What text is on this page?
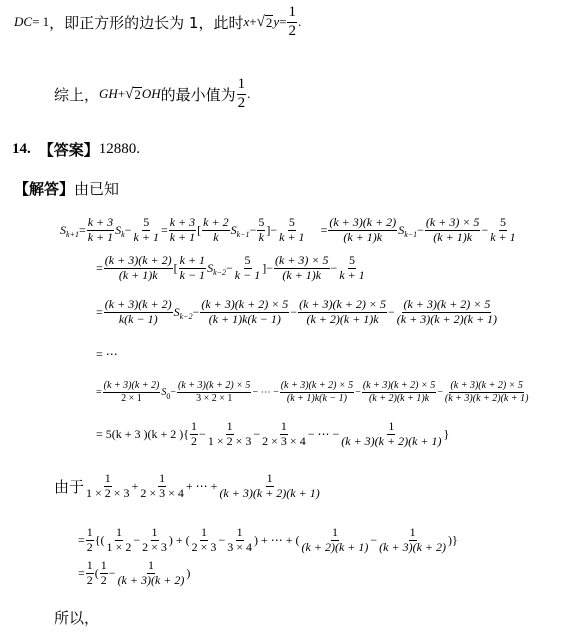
DC = 1 ，即正方形的边长为 1，此时 x + √ 2 $y = \frac{1}{2}$ .
综上， GH + √ 2 OH 的最小值为 $\frac{1}{2}$ .
14. 【答案】 12880.
【解答】 由已知
S $k+1 = \frac{k + 3}{k + 1}$ S $k - \frac{5}{k + 1} = \frac{k + 3}{k + 1}$ [ $\frac{k + 2}{k}$ S $k-1 - \frac{5}{k}$ ] − $\frac{5}{k + 1} = \frac{(k + 3)(k + 2)}{(k + 1)k}$ S $k-1 - \frac{(k + 3) \times 5}{(k + 1)k} - \frac{5}{k + 1}$
= $\frac{(k + 3)(k + 2)}{(k + 1)k}$ [ $\frac{k + 1}{k - 1}$ S $k-2 - \frac{5}{k - 1}$ ] − $\frac{(k + 3) \times 5}{(k + 1)k} - \frac{5}{k + 1}$
= $\frac{(k + 3)(k + 2)}{k(k - 1)}$ S $k-2 - \frac{(k + 3)(k + 2) \times 5}{(k + 1)k(k - 1)} - \frac{(k + 3)(k + 2) \times 5}{(k + 2)(k + 1)k} - \frac{(k + 3)(k + 2) \times 5}{(k + 3)(k + 2)(k + 1)}$
= ⋯
= $\frac{(k + 3)(k + 2)}{2 \times 1}$ S $0 - \frac{(k + 3)(k + 2) \times 5}{3 \times 2 \times 1}$ − ⋯ − $\frac{(k + 3)(k + 2) \times 5}{(k + 1)k(k - 1)} - \frac{(k + 3)(k + 2) \times 5}{(k + 2)(k + 1)k} - \frac{(k + 3)(k + 2) \times 5}{(k + 3)(k + 2)(k + 1)}$
= 5(k + 3 )(k + 2 ){ $\frac{1}{2} - \frac{1}{1 \times 2 \times 3} - \frac{1}{2 \times 3 \times 4}$ − ⋯ − $\frac{1}{(k + 3)(k + 2)(k + 1)}$ }
由于 $\frac{1}{1 \times 2 \times 3} + \frac{1}{2 \times 3 \times 4}$ + ⋯ + $\frac{1}{(k + 3)(k + 2)(k + 1)}$
= $\frac{1}{2}$ {( $\frac{1}{1 \times 2} - \frac{1}{2 \times 3}$ ) + ( $\frac{1}{2 \times 3} - \frac{1}{3 \times 4}$ ) + ⋯ + ( $\frac{1}{(k + 2)(k + 1)} - \frac{1}{(k + 3)(k + 2)}$ )}
= $\frac{1}{2}$ ( $\frac{1}{2} - \frac{1}{(k + 3)(k + 2)}$ )
所以，
